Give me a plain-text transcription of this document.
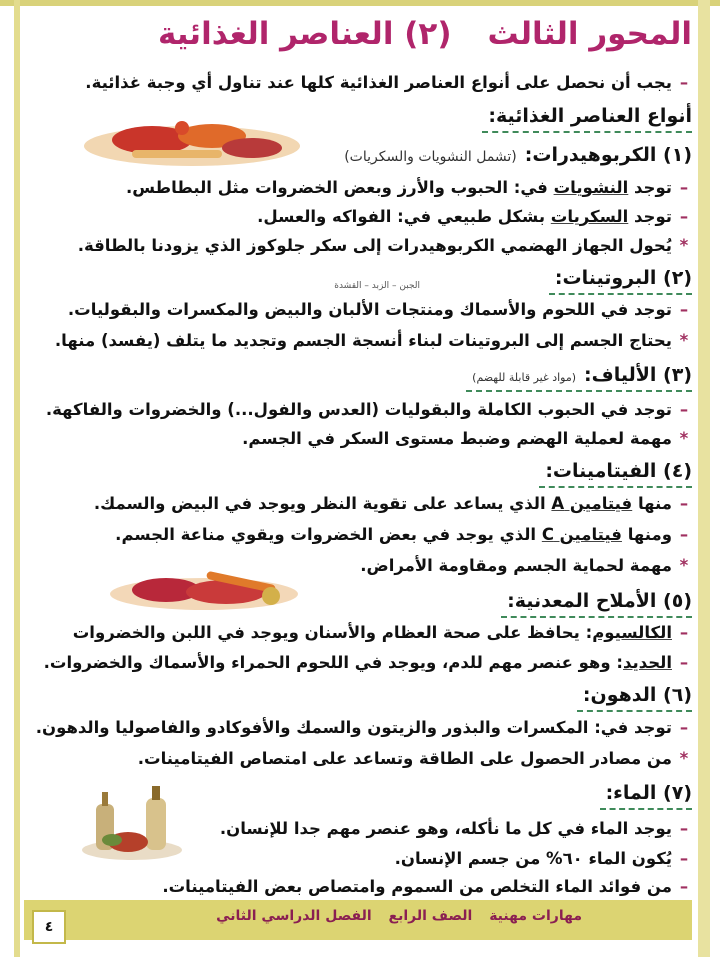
المحور الثالث(٢) العناصر الغذائية
–يجب أن نحصل على أنواع العناصر الغذائية كلها عند تناول أي وجبة غذائية.
أنواع العناصر الغذائية:
(١) الكربوهيدرات:(تشمل النشويات والسكريات)
–توجد النشويات في: الحبوب والأرز وبعض الخضروات مثل البطاطس.
–توجد السكريات بشكل طبيعي في: الفواكه والعسل.
*يُحول الجهاز الهضمي الكربوهيدرات إلى سكر جلوكوز الذي يزودنا بالطاقة.
(٢) البروتينات:
الجبن – الزبد – القشدة
–توجد في اللحوم والأسماك ومنتجات الألبان والبيض والمكسرات والبقوليات.
*يحتاج الجسم إلى البروتينات لبناء أنسجة الجسم وتجديد ما يتلف (يفسد) منها.
(٣) الألياف:(مواد غير قابلة للهضم)
–توجد في الحبوب الكاملة والبقوليات (العدس والفول...) والخضروات والفاكهة.
*مهمة لعملية الهضم وضبط مستوى السكر في الجسم.
(٤) الفيتامينات:
–منها فيتامين A الذي يساعد على تقوية النظر ويوجد في البيض والسمك.
–ومنها فيتامين C الذي يوجد في بعض الخضروات ويقوي مناعة الجسم.
*مهمة لحماية الجسم ومقاومة الأمراض.
(٥) الأملاح المعدنية:
–الكالسيوم: يحافظ على صحة العظام والأسنان ويوجد في اللبن والخضروات
–الحديد: وهو عنصر مهم للدم، ويوجد في اللحوم الحمراء والأسماك والخضروات.
(٦) الدهون:
–توجد في: المكسرات والبذور والزيتون والسمك والأفوكادو والفاصوليا والدهون.
*من مصادر الحصول على الطاقة وتساعد على امتصاص الفيتامينات.
(٧) الماء:
–يوجد الماء في كل ما نأكله، وهو عنصر مهم جدا للإنسان.
–يُكون الماء ٦٠% من جسم الإنسان.
–من فوائد الماء التخلص من السموم وامتصاص بعض الفيتامينات.
مهارات مهنية الصف الرابع الفصل الدراسي الثاني
٤
